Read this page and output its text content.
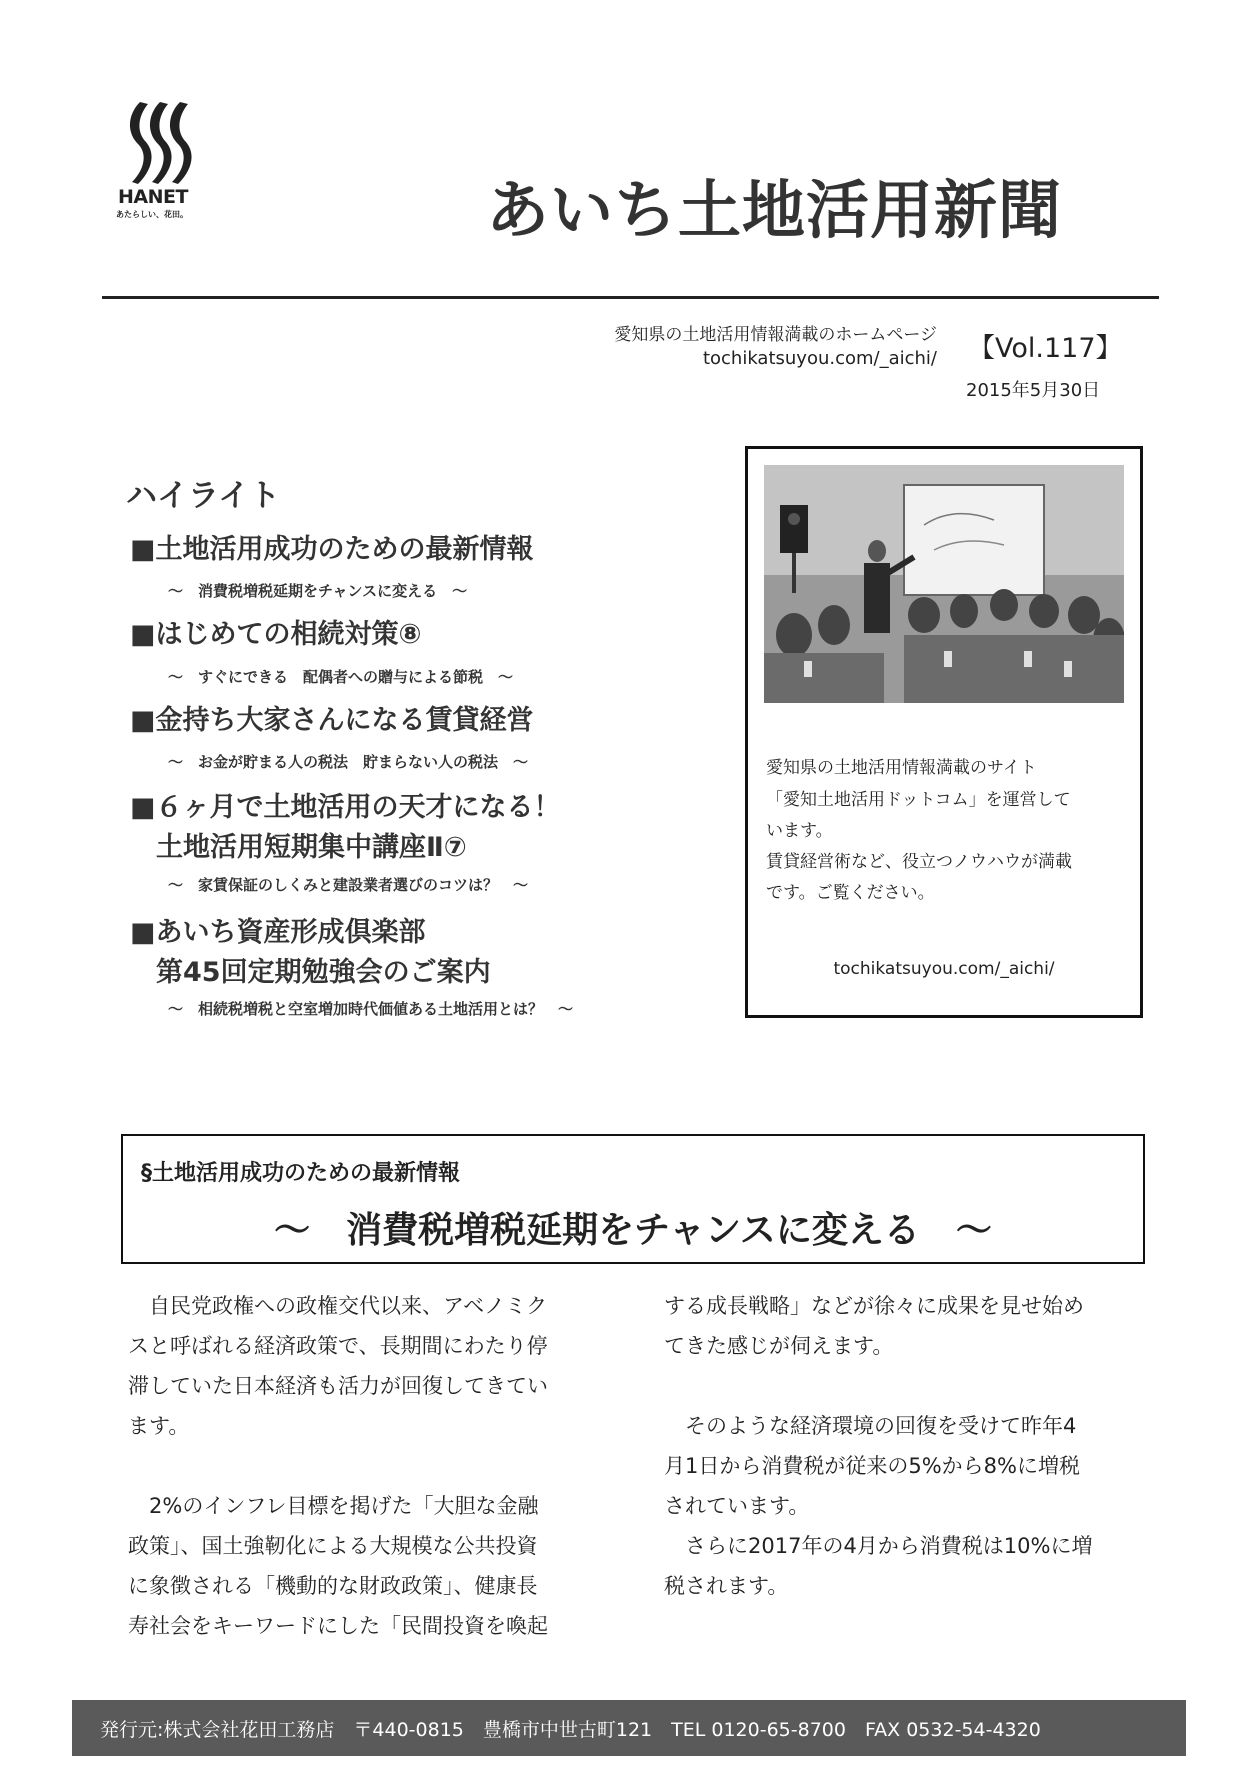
HANET
あたらしい、花田。	あいち土地活用新聞
愛知県の土地活用情報満載のホームページ
tochikatsuyou.com/_aichi/ 【Vol.117】
2015年5月30日
ハイライト
■土地活用成功のための最新情報
～　消費税増税延期をチャンスに変える　～
■はじめての相続対策⑧
～　すぐにできる　配偶者への贈与による節税　～
■金持ち大家さんになる賃貸経営
～　お金が貯まる人の税法　貯まらない人の税法　～
■６ヶ月で土地活用の天才になる！
土地活用短期集中講座Ⅱ⑦
～　家賃保証のしくみと建設業者選びのコツは？　～
■あいち資産形成倶楽部
第45回定期勉強会のご案内
～　相続税増税と空室増加時代価値ある土地活用とは？　～
愛知県の土地活用情報満載のサイト
「愛知土地活用ドットコム」を運営して
います。
賃貸経営術など、役立つノウハウが満載
です。ご覧ください。
tochikatsuyou.com/_aichi/
§土地活用成功のための最新情報
～　消費税増税延期をチャンスに変える　～
　自民党政権への政権交代以来、アベノミク
スと呼ばれる経済政策で、長期間にわたり停
滞していた日本経済も活力が回復してきてい
ます。
　2%のインフレ目標を掲げた「大胆な金融
政策」、国土強靭化による大規模な公共投資
に象徴される「機動的な財政政策」、健康長
寿社会をキーワードにした「民間投資を喚起
する成長戦略」などが徐々に成果を見せ始め
てきた感じが伺えます。
　そのような経済環境の回復を受けて昨年4
月1日から消費税が従来の5%から8%に増税
されています。
　さらに2017年の4月から消費税は10%に増
税されます。
発行元:株式会社花田工務店　〒440-0815　豊橋市中世古町121　TEL 0120-65-8700　FAX 0532-54-4320
